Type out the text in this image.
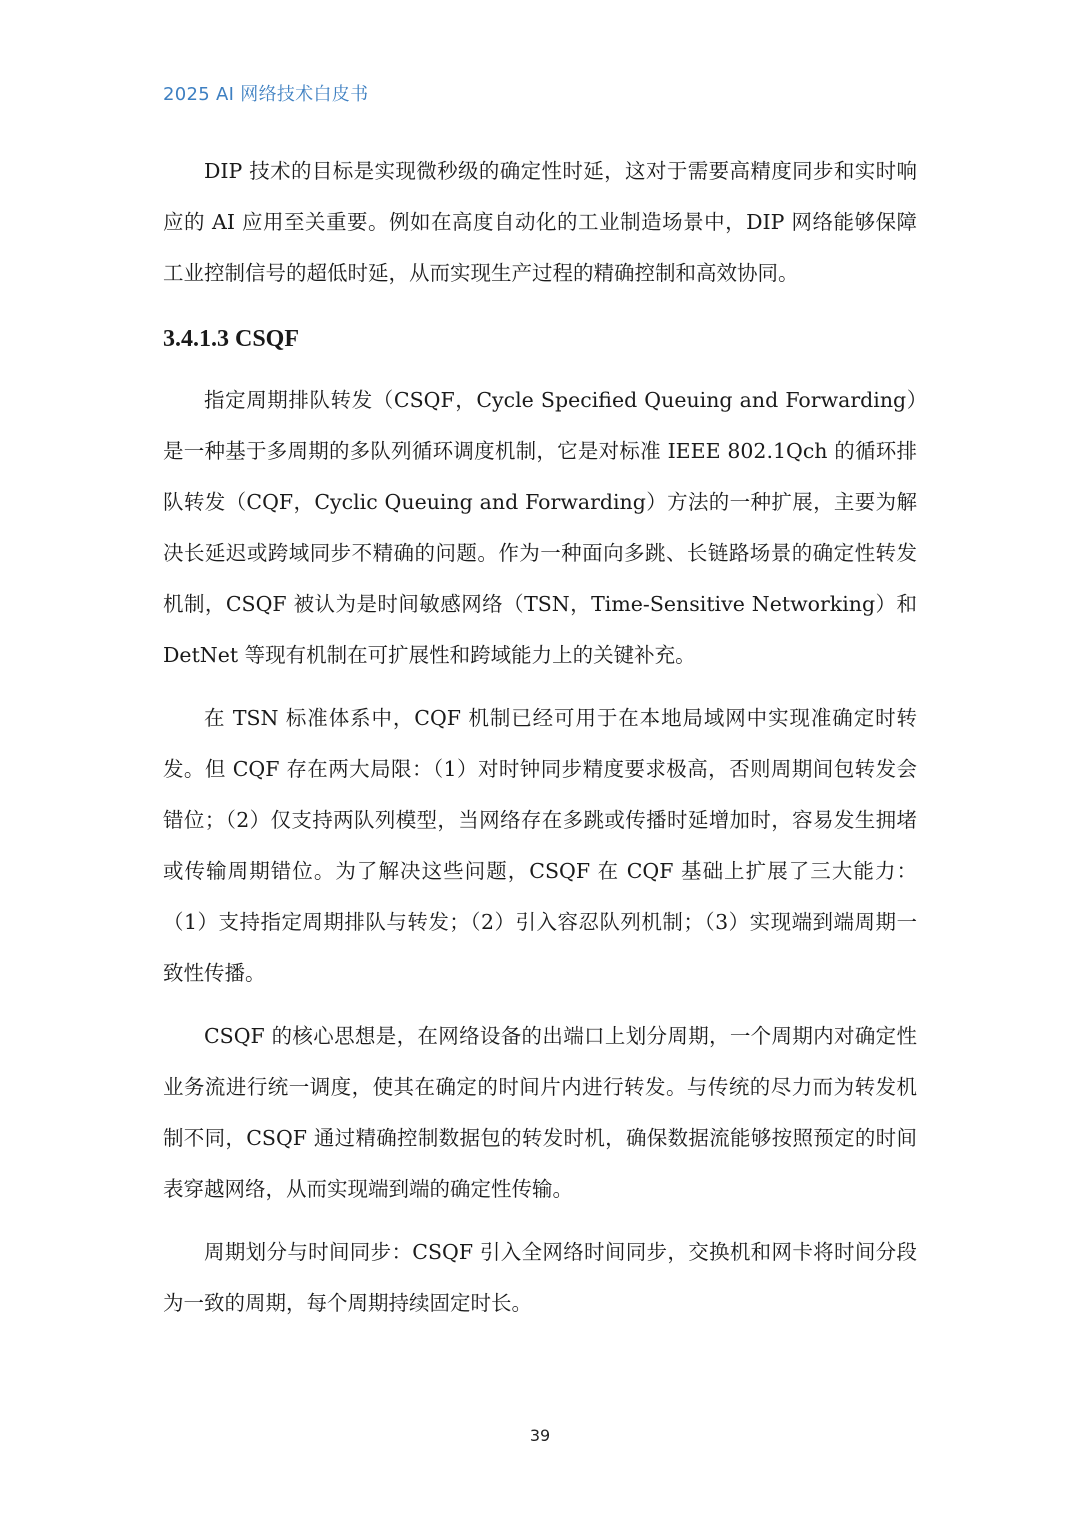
2025 AI 网络技术白皮书

DIP 技术的目标是实现微秒级的确定性时延，这对于需要高精度同步和实时响应的 AI 应用至关重要。例如在高度自动化的工业制造场景中，DIP 网络能够保障工业控制信号的超低时延，从而实现生产过程的精确控制和高效协同。

3.4.1.3 CSQF

指定周期排队转发（CSQF，Cycle Specified Queuing and Forwarding）是一种基于多周期的多队列循环调度机制，它是对标准 IEEE 802.1Qch 的循环排队转发（CQF，Cyclic Queuing and Forwarding）方法的一种扩展，主要为解决长延迟或跨域同步不精确的问题。作为一种面向多跳、长链路场景的确定性转发机制，CSQF 被认为是时间敏感网络（TSN，Time-Sensitive Networking）和 DetNet 等现有机制在可扩展性和跨域能力上的关键补充。

在 TSN 标准体系中，CQF 机制已经可用于在本地局域网中实现准确定时转发。但 CQF 存在两大局限：（1）对时钟同步精度要求极高，否则周期间包转发会错位；（2）仅支持两队列模型，当网络存在多跳或传播时延增加时，容易发生拥堵或传输周期错位。为了解决这些问题，CSQF 在 CQF 基础上扩展了三大能力：（1）支持指定周期排队与转发；（2）引入容忍队列机制；（3）实现端到端周期一致性传播。

CSQF 的核心思想是，在网络设备的出端口上划分周期，一个周期内对确定性业务流进行统一调度，使其在确定的时间片内进行转发。与传统的尽力而为转发机制不同，CSQF 通过精确控制数据包的转发时机，确保数据流能够按照预定的时间表穿越网络，从而实现端到端的确定性传输。

周期划分与时间同步：CSQF 引入全网络时间同步，交换机和网卡将时间分段为一致的周期，每个周期持续固定时长。

39
